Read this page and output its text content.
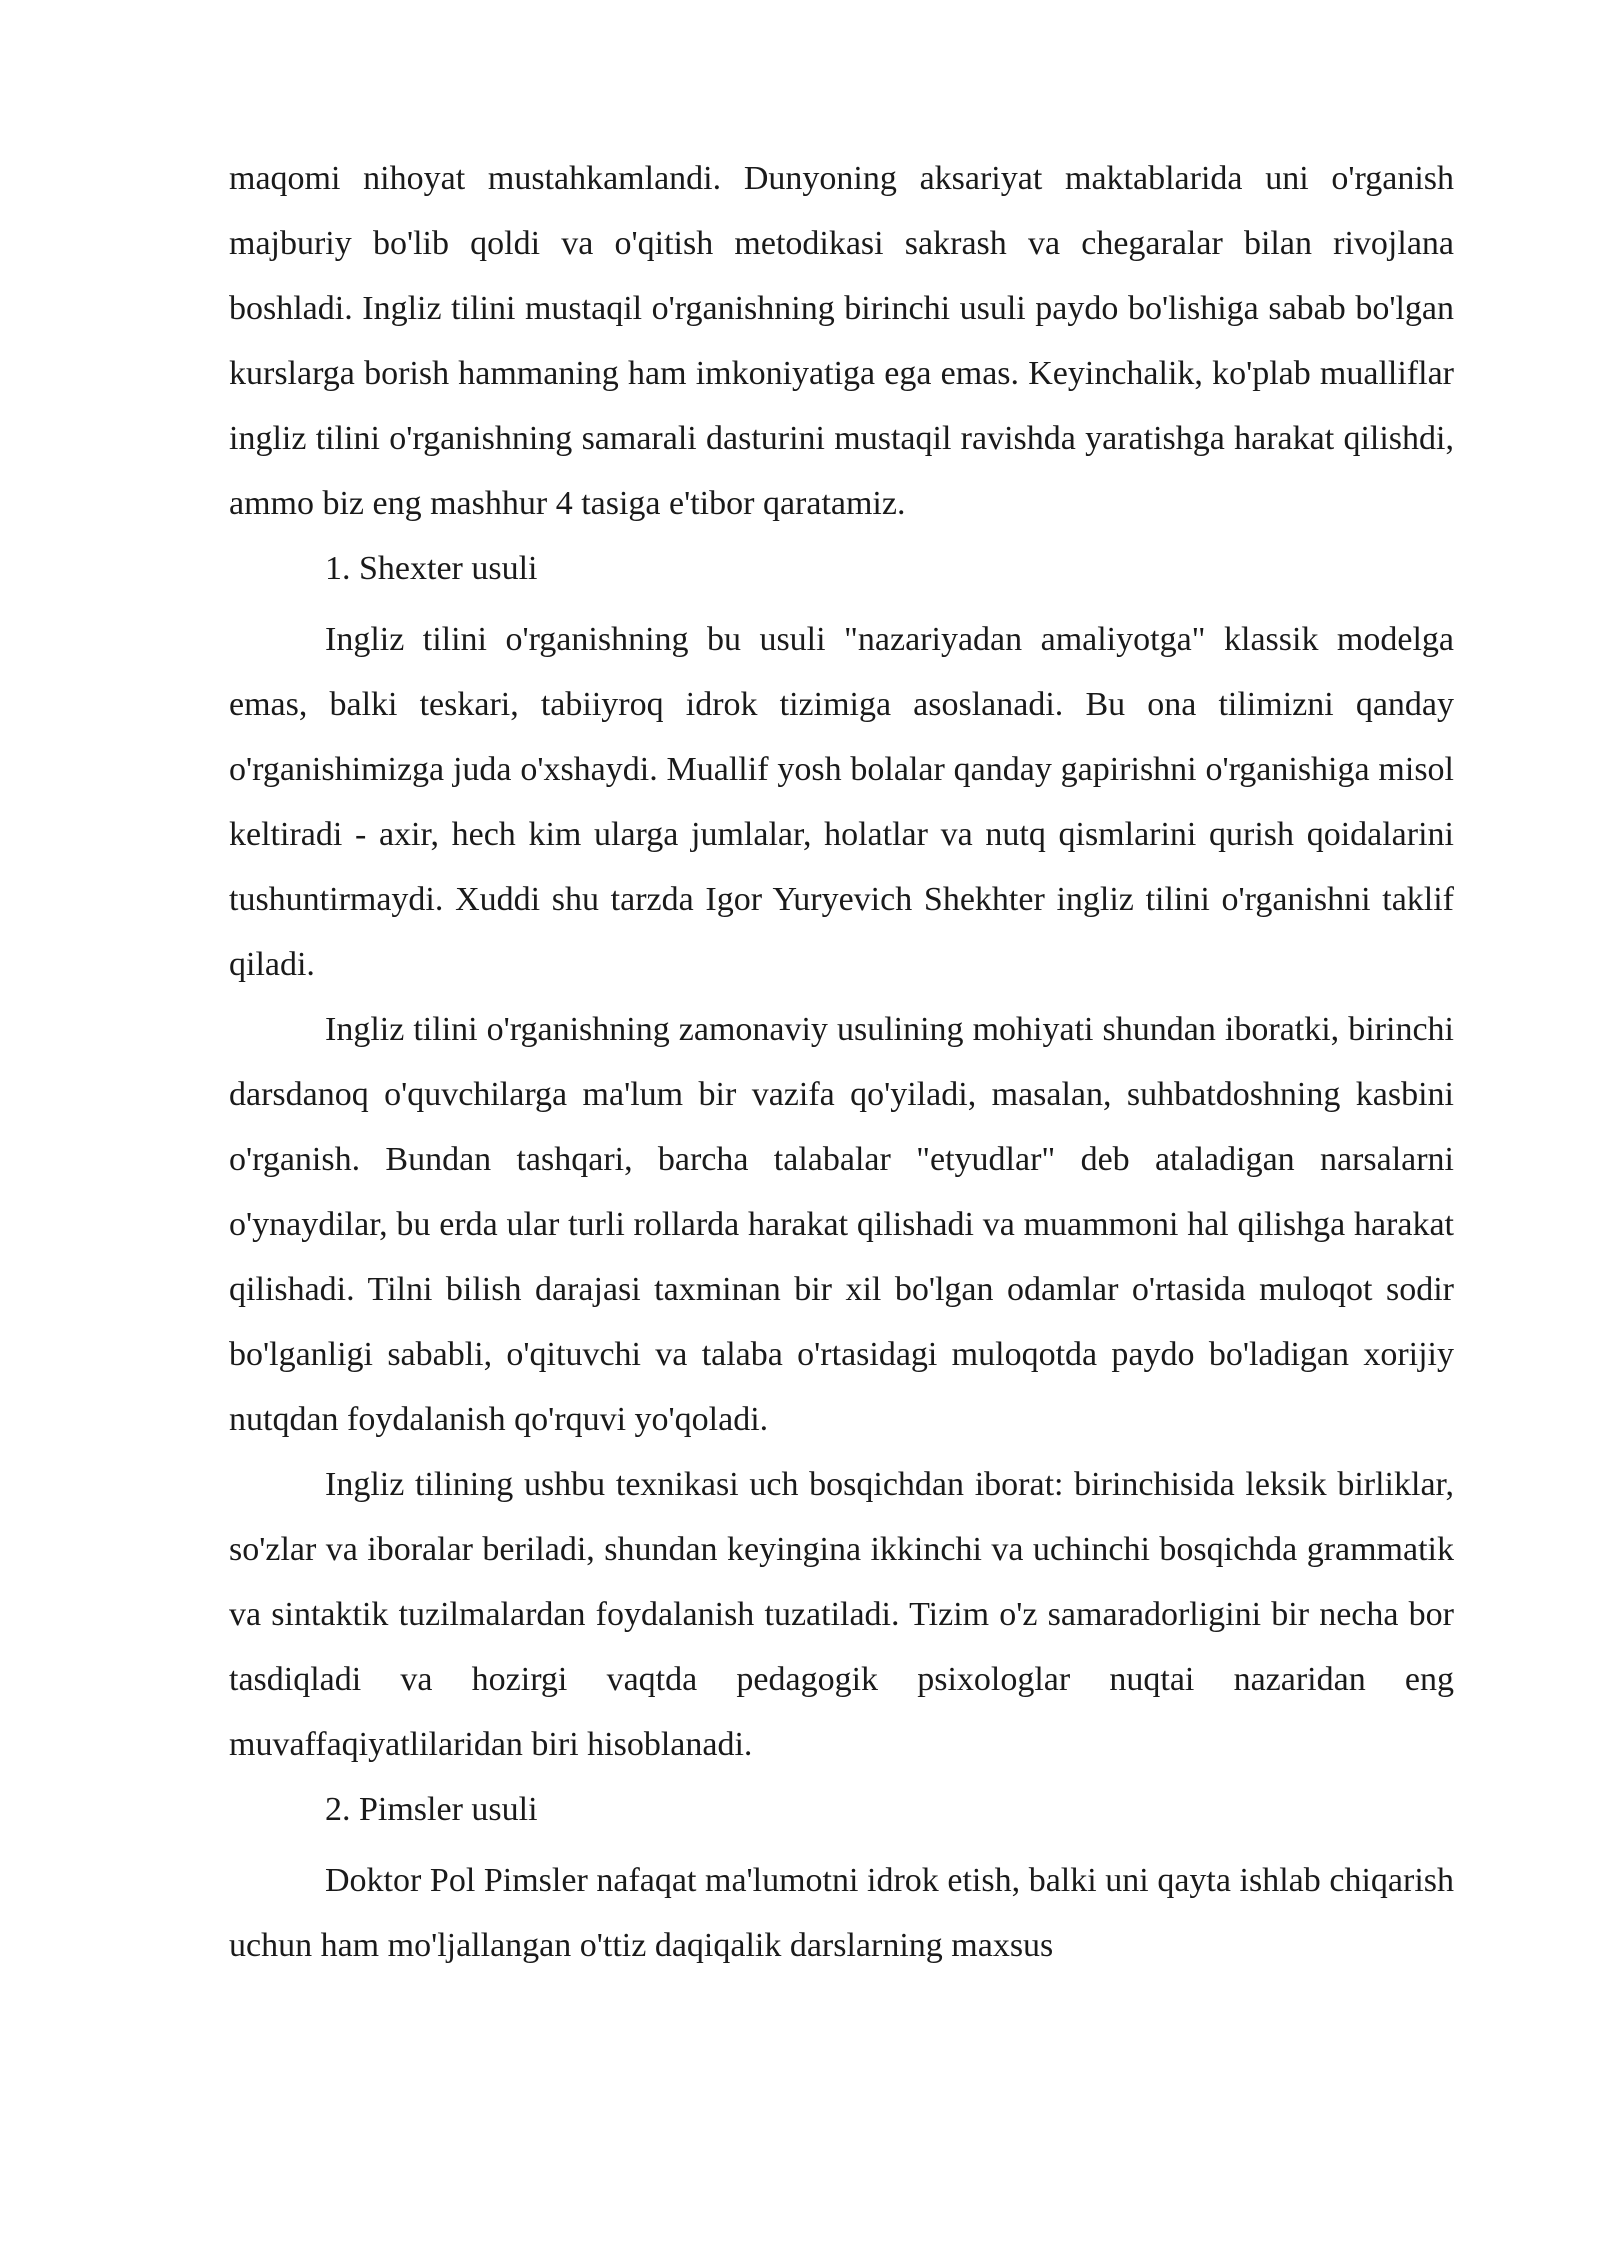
maqomi nihoyat mustahkamlandi. Dunyoning aksariyat maktablarida uni o'rganish majburiy bo'lib qoldi va o'qitish metodikasi sakrash va chegaralar bilan rivojlana boshladi. Ingliz tilini mustaqil o'rganishning birinchi usuli paydo bo'lishiga sabab bo'lgan kurslarga borish hammaning ham imkoniyatiga ega emas. Keyinchalik, ko'plab mualliflar ingliz tilini o'rganishning samarali dasturini mustaqil ravishda yaratishga harakat qilishdi, ammo biz eng mashhur 4 tasiga e'tibor qaratamiz.

1. Shexter usuli

Ingliz tilini o'rganishning bu usuli "nazariyadan amaliyotga" klassik modelga emas, balki teskari, tabiiyroq idrok tizimiga asoslanadi. Bu ona tilimizni qanday o'rganishimizga juda o'xshaydi. Muallif yosh bolalar qanday gapirishni o'rganishiga misol keltiradi - axir, hech kim ularga jumlalar, holatlar va nutq qismlarini qurish qoidalarini tushuntirmaydi. Xuddi shu tarzda Igor Yuryevich Shekhter ingliz tilini o'rganishni taklif qiladi.

Ingliz tilini o'rganishning zamonaviy usulining mohiyati shundan iboratki, birinchi darsdanoq o'quvchilarga ma'lum bir vazifa qo'yiladi, masalan, suhbatdoshning kasbini o'rganish. Bundan tashqari, barcha talabalar "etyudlar" deb ataladigan narsalarni o'ynaydilar, bu erda ular turli rollarda harakat qilishadi va muammoni hal qilishga harakat qilishadi. Tilni bilish darajasi taxminan bir xil bo'lgan odamlar o'rtasida muloqot sodir bo'lganligi sababli, o'qituvchi va talaba o'rtasidagi muloqotda paydo bo'ladigan xorijiy nutqdan foydalanish qo'rquvi yo'qoladi.

Ingliz tilining ushbu texnikasi uch bosqichdan iborat: birinchisida leksik birliklar, so'zlar va iboralar beriladi, shundan keyingina ikkinchi va uchinchi bosqichda grammatik va sintaktik tuzilmalardan foydalanish tuzatiladi. Tizim o'z samaradorligini bir necha bor tasdiqladi va hozirgi vaqtda pedagogik psixologlar nuqtai nazaridan eng muvaffaqiyatlilaridan biri hisoblanadi.

2. Pimsler usuli

Doktor Pol Pimsler nafaqat ma'lumotni idrok etish, balki uni qayta ishlab chiqarish uchun ham mo'ljallangan o'ttiz daqiqalik darslarning maxsus
